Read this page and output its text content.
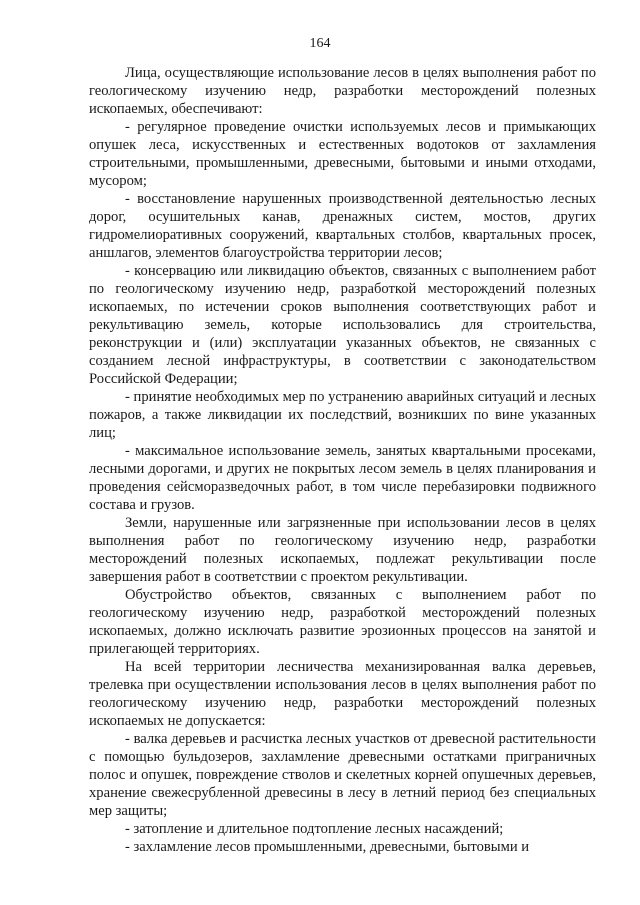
164

Лица, осуществляющие использование лесов в целях выполнения работ по геологическому изучению недр, разработки месторождений полезных ископаемых, обеспечивают:

- регулярное проведение очистки используемых лесов и примыкающих опушек леса, искусственных и естественных водотоков от захламления строительными, промышленными, древесными, бытовыми и иными отходами, мусором;

- восстановление нарушенных производственной деятельностью лесных дорог, осушительных канав, дренажных систем, мостов, других гидромелиоративных сооружений, квартальных столбов, квартальных просек, аншлагов, элементов благоустройства территории лесов;

- консервацию или ликвидацию объектов, связанных с выполнением работ по геологическому изучению недр, разработкой месторождений полезных ископаемых, по истечении сроков выполнения соответствующих работ и рекультивацию земель, которые использовались для строительства, реконструкции и (или) эксплуатации указанных объектов, не связанных с созданием лесной инфраструктуры, в соответствии с законодательством Российской Федерации;

- принятие необходимых мер по устранению аварийных ситуаций и лесных пожаров, а также ликвидации их последствий, возникших по вине указанных лиц;

- максимальное использование земель, занятых квартальными просеками, лесными дорогами, и других не покрытых лесом земель в целях планирования и проведения сейсморазведочных работ, в том числе перебазировки подвижного состава и грузов.

Земли, нарушенные или загрязненные при использовании лесов в целях выполнения работ по геологическому изучению недр, разработки месторождений полезных ископаемых, подлежат рекультивации после завершения работ в соответствии с проектом рекультивации.

Обустройство объектов, связанных с выполнением работ по геологическому изучению недр, разработкой месторождений полезных ископаемых, должно исключать развитие эрозионных процессов на занятой и прилегающей территориях.

На всей территории лесничества механизированная валка деревьев, трелевка при осуществлении использования лесов в целях выполнения работ по геологическому изучению недр, разработки месторождений полезных ископаемых не допускается:

- валка деревьев и расчистка лесных участков от древесной растительности с помощью бульдозеров, захламление древесными остатками приграничных полос и опушек, повреждение стволов и скелетных корней опушечных деревьев, хранение свежесрубленной древесины в лесу в летний период без специальных мер защиты;

- затопление и длительное подтопление лесных насаждений;

- захламление лесов промышленными, древесными, бытовыми и
